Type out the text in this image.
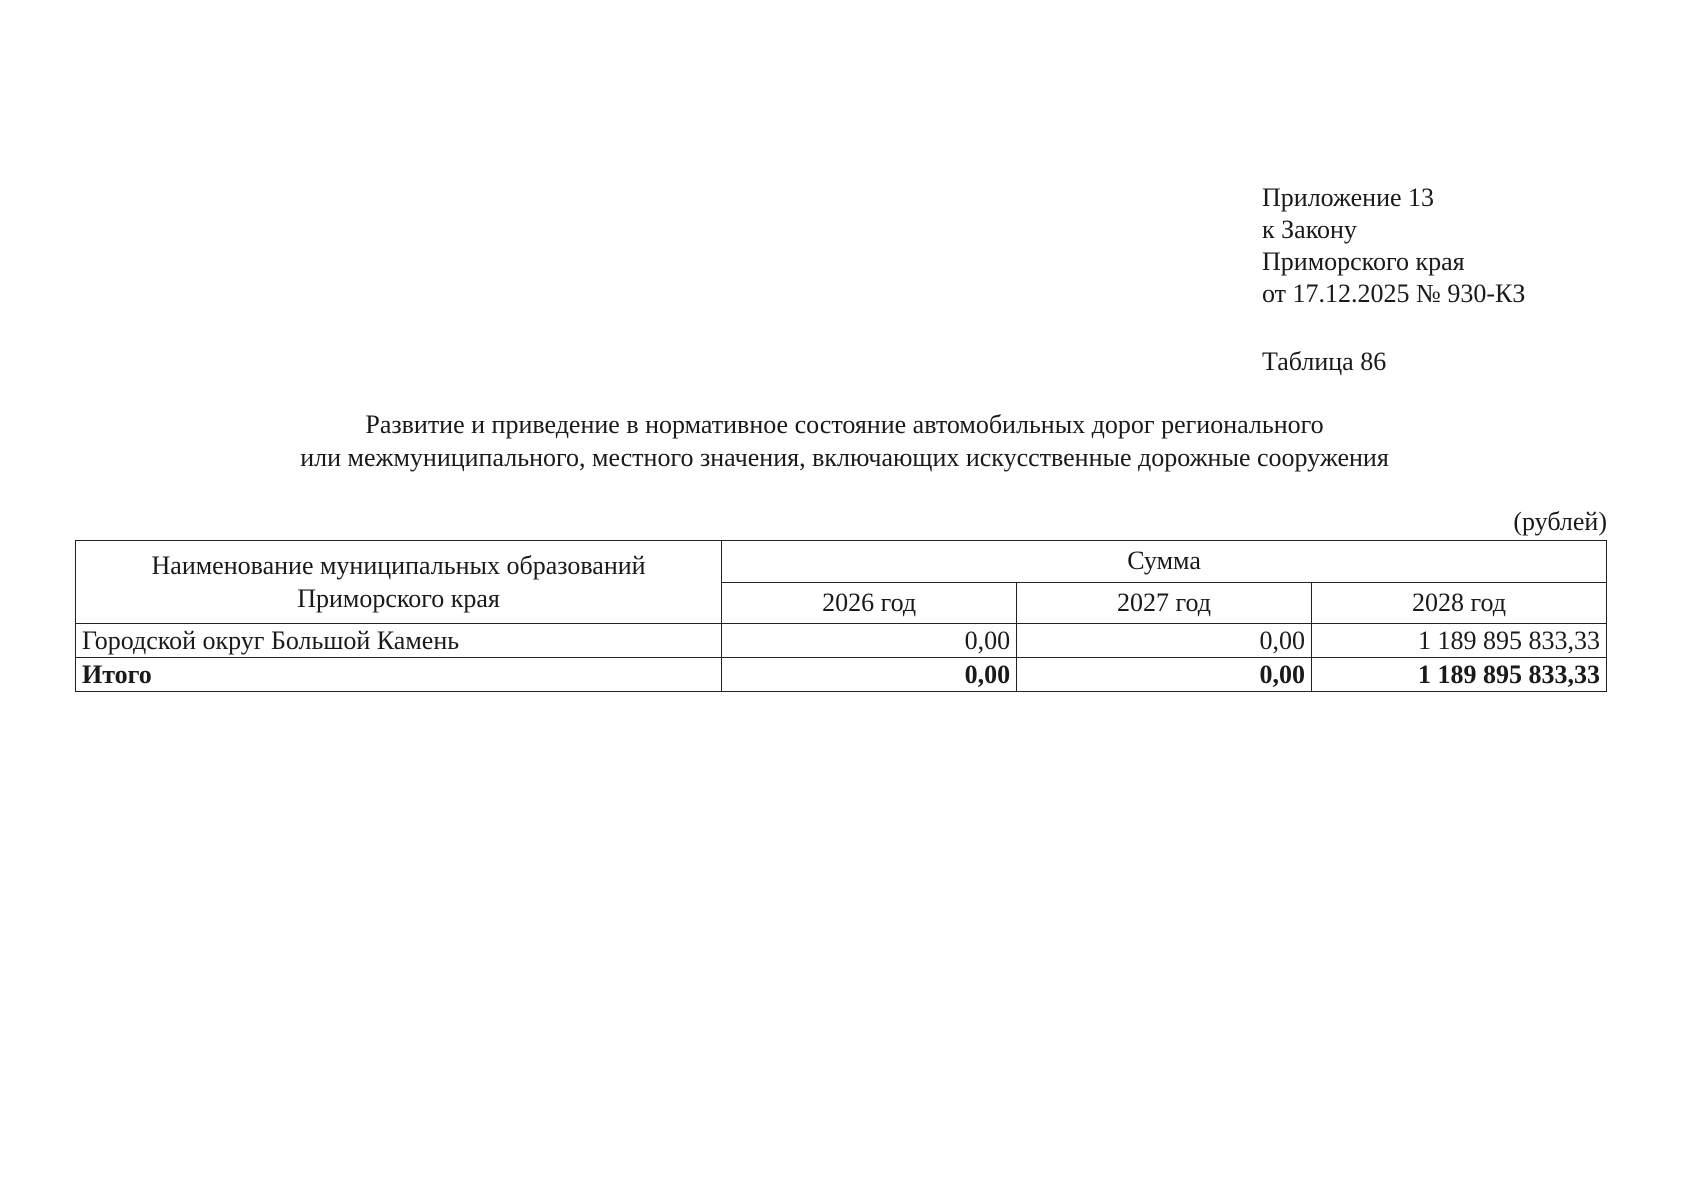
Приложение 13
к Закону
Приморского края
от 17.12.2025 № 930-КЗ
Таблица 86
Развитие и приведение в нормативное состояние автомобильных дорог регионального
или межмуниципального, местного значения, включающих искусственные дорожные сооружения
(рублей)
Наименование муниципальных образований
Приморского края	Сумма		
	2026 год	2027 год	2028 год
Городской округ Большой Камень	0,00	0,00	1 189 895 833,33
Итого	0,00	0,00	1 189 895 833,33
